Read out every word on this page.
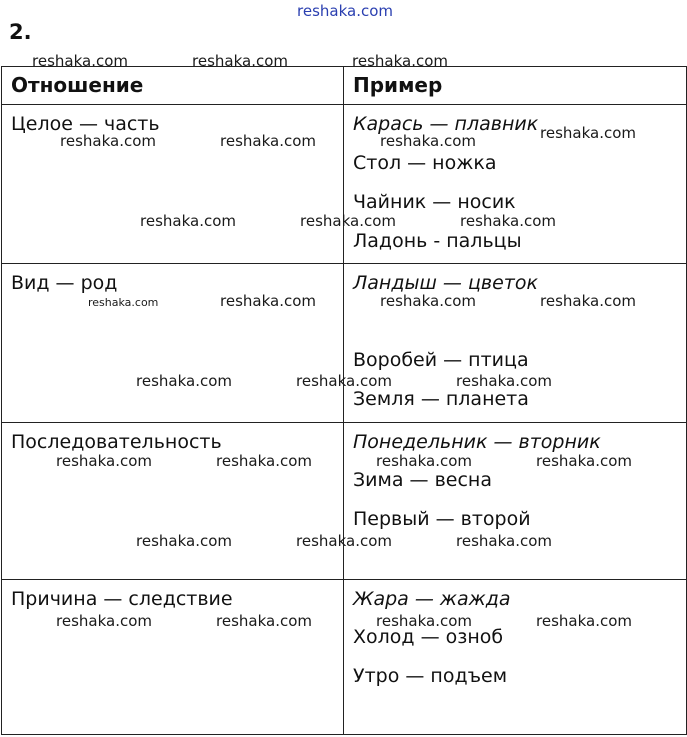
reshaka.com
2.
Отношение	Пример

Целое — часть	Карась — плавник
Стол — ножка
Чайник — носик
Ладонь - пальцы

Вид — род	Ландыш — цветок
Воробей — птица
Земля — планета

Последовательность	Понедельник — вторник
Зима — весна
Первый — второй

Причина — следствие	Жара — жажда
Холод — озноб
Утро — подъем
reshaka.com	reshaka.com	reshaka.com
reshaka.com	reshaka.com	reshaka.com	reshaka.com
reshaka.com	reshaka.com	reshaka.com
reshaka.com	reshaka.com	reshaka.com	reshaka.com
reshaka.com	reshaka.com	reshaka.com
reshaka.com	reshaka.com	reshaka.com	reshaka.com
reshaka.com	reshaka.com	reshaka.com
reshaka.com	reshaka.com	reshaka.com	reshaka.com
